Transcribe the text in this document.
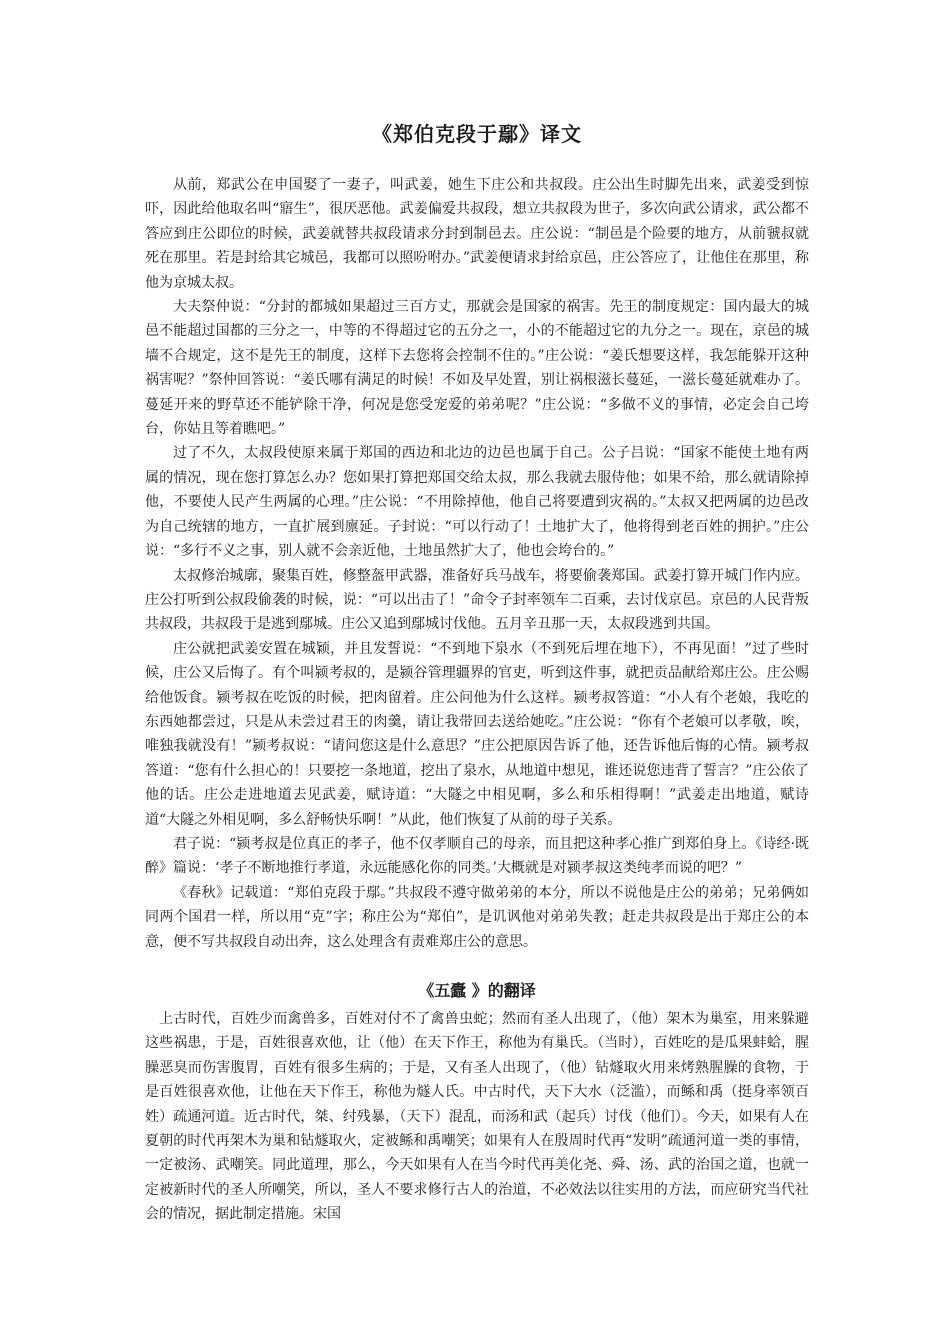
《郑伯克段于鄢》译文

从前，郑武公在申国娶了一妻子，叫武姜，她生下庄公和共叔段。庄公出生时脚先出来，武姜受到惊吓，因此给他取名叫“寤生”，很厌恶他。武姜偏爱共叔段，想立共叔段为世子，多次向武公请求，武公都不答应到庄公即位的时候，武姜就替共叔段请求分封到制邑去。庄公说：“制邑是个险要的地方，从前虢叔就死在那里。若是封给其它城邑，我都可以照吩咐办。”武姜便请求封给京邑，庄公答应了，让他住在那里，称他为京城太叔。

大夫祭仲说：“分封的都城如果超过三百方丈，那就会是国家的祸害。先王的制度规定：国内最大的城邑不能超过国都的三分之一，中等的不得超过它的五分之一，小的不能超过它的九分之一。现在，京邑的城墙不合规定，这不是先王的制度，这样下去您将会控制不住的。”庄公说：“姜氏想要这样，我怎能躲开这种祸害呢？”祭仲回答说：“姜氏哪有满足的时候！不如及早处置，别让祸根滋长蔓延，一滋长蔓延就难办了。蔓延开来的野草还不能铲除干净，何况是您受宠爱的弟弟呢？”庄公说：“多做不义的事情，必定会自己垮台，你姑且等着瞧吧。”

过了不久，太叔段使原来属于郑国的西边和北边的边邑也属于自己。公子吕说：“国家不能使土地有两属的情况，现在您打算怎么办？您如果打算把郑国交给太叔，那么我就去服侍他；如果不给，那么就请除掉他，不要使人民产生两属的心理。”庄公说：“不用除掉他，他自己将要遭到灾祸的。”太叔又把两属的边邑改为自己统辖的地方，一直扩展到廪延。子封说：“可以行动了！土地扩大了，他将得到老百姓的拥护。”庄公说：“多行不义之事，别人就不会亲近他，土地虽然扩大了，他也会垮台的。”

太叔修治城廓，聚集百姓，修整盔甲武器，准备好兵马战车，将要偷袭郑国。武姜打算开城门作内应。庄公打听到公叔段偷袭的时候，说：“可以出击了！”命令子封率领车二百乘，去讨伐京邑。京邑的人民背叛共叔段，共叔段于是逃到鄢城。庄公又追到鄢城讨伐他。五月辛丑那一天，太叔段逃到共国。

庄公就把武姜安置在城颖，并且发誓说：“不到地下泉水（不到死后埋在地下），不再见面！”过了些时候，庄公又后悔了。有个叫颍考叔的，是颍谷管理疆界的官吏，听到这件事，就把贡品献给郑庄公。庄公赐给他饭食。颍考叔在吃饭的时候，把肉留着。庄公问他为什么这样。颍考叔答道：“小人有个老娘，我吃的东西她都尝过，只是从未尝过君王的肉羹，请让我带回去送给她吃。”庄公说：“你有个老娘可以孝敬，唉，唯独我就没有！”颍考叔说：“请问您这是什么意思？”庄公把原因告诉了他，还告诉他后悔的心情。颍考叔答道：“您有什么担心的！只要挖一条地道，挖出了泉水，从地道中想见，谁还说您违背了誓言？”庄公依了他的话。庄公走进地道去见武姜，赋诗道：“大隧之中相见啊，多么和乐相得啊！”武姜走出地道，赋诗道“大隧之外相见啊，多么舒畅快乐啊！”从此，他们恢复了从前的母子关系。

君子说：“颍考叔是位真正的孝子，他不仅孝顺自己的母亲，而且把这种孝心推广到郑伯身上。《诗经·既醉》篇说：‘孝子不断地推行孝道，永远能感化你的同类。’大概就是对颍孝叔这类纯孝而说的吧？”

《春秋》记载道：“郑伯克段于鄢。”共叔段不遵守做弟弟的本分，所以不说他是庄公的弟弟；兄弟俩如同两个国君一样，所以用“克”字；称庄公为“郑伯”，是讥讽他对弟弟失教；赶走共叔段是出于郑庄公的本意，便不写共叔段自动出奔，这么处理含有责难郑庄公的意思。

《五蠹 》的翻译

上古时代，百姓少而禽兽多，百姓对付不了禽兽虫蛇；然而有圣人出现了，（他）架木为巢室，用来躲避这些祸患，于是，百姓很喜欢他，让（他）在天下作王，称他为有巢氏。（当时），百姓吃的是瓜果蚌蛤，腥臊恶臭而伤害腹胃，百姓有很多生病的；于是，又有圣人出现了，（他）钻燧取火用来烤熟腥臊的食物，于是百姓很喜欢他，让他在天下作王，称他为燧人氏。中古时代，天下大水（泛滥），而鲧和禹（挺身率领百姓）疏通河道。近古时代，桀、纣残暴，（天下）混乱，而汤和武（起兵）讨伐（他们）。今天，如果有人在夏朝的时代再架木为巢和钻燧取火，定被鲧和禹嘲笑；如果有人在殷周时代再“发明”疏通河道一类的事情，一定被汤、武嘲笑。同此道理，那么，今天如果有人在当今时代再美化尧、舜、汤、武的治国之道，也就一定被新时代的圣人所嘲笑，所以，圣人不要求修行古人的治道，不必效法以往实用的方法，而应研究当代社会的情况，据此制定措施。宋国
